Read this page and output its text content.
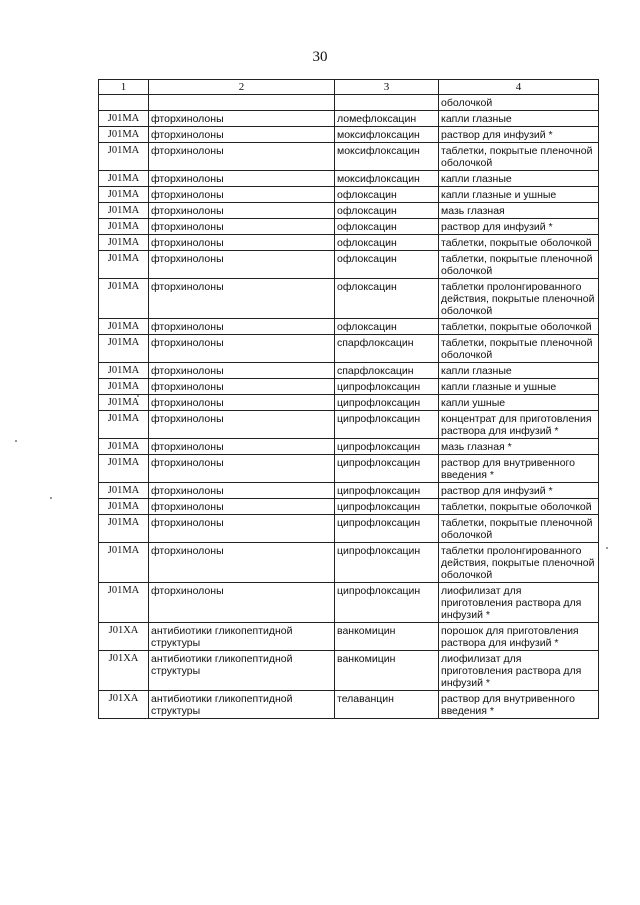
30
1	2	3	4
			оболочкой
J01MA	фторхинолоны	ломефлоксацин	капли глазные
J01MA	фторхинолоны	моксифлоксацин	раствор для инфузий *
J01MA	фторхинолоны	моксифлоксацин	таблетки, покрытые пленочной оболочкой
J01MA	фторхинолоны	моксифлоксацин	капли глазные
J01MA	фторхинолоны	офлоксацин	капли глазные и ушные
J01MA	фторхинолоны	офлоксацин	мазь глазная
J01MA	фторхинолоны	офлоксацин	раствор для инфузий *
J01MA	фторхинолоны	офлоксацин	таблетки, покрытые оболочкой
J01MA	фторхинолоны	офлоксацин	таблетки, покрытые пленочной оболочкой
J01MA	фторхинолоны	офлоксацин	таблетки пролонгированного действия, покрытые пленочной оболочкой
J01MA	фторхинолоны	офлоксацин	таблетки, покрытые оболочкой
J01MA	фторхинолоны	спарфлоксацин	таблетки, покрытые пленочной оболочкой
J01MA	фторхинолоны	спарфлоксацин	капли глазные
J01MA	фторхинолоны	ципрофлоксацин	капли глазные и ушные
J01MA	фторхинолоны	ципрофлоксацин	капли ушные
J01MA	фторхинолоны	ципрофлоксацин	концентрат для приготовления раствора для инфузий *
J01MA	фторхинолоны	ципрофлоксацин	мазь глазная *
J01MA	фторхинолоны	ципрофлоксацин	раствор для внутривенного введения *
J01MA	фторхинолоны	ципрофлоксацин	раствор для инфузий *
J01MA	фторхинолоны	ципрофлоксацин	таблетки, покрытые оболочкой
J01MA	фторхинолоны	ципрофлоксацин	таблетки, покрытые пленочной оболочкой
J01MA	фторхинолоны	ципрофлоксацин	таблетки пролонгированного действия, покрытые пленочной оболочкой
J01MA	фторхинолоны	ципрофлоксацин	лиофилизат для приготовления раствора для инфузий *
J01XA	антибиотики гликопептидной структуры	ванкомицин	порошок для приготовления раствора для инфузий *
J01XA	антибиотики гликопептидной структуры	ванкомицин	лиофилизат для приготовления раствора для инфузий *
J01XA	антибиотики гликопептидной структуры	телаванцин	раствор для внутривенного введения *
